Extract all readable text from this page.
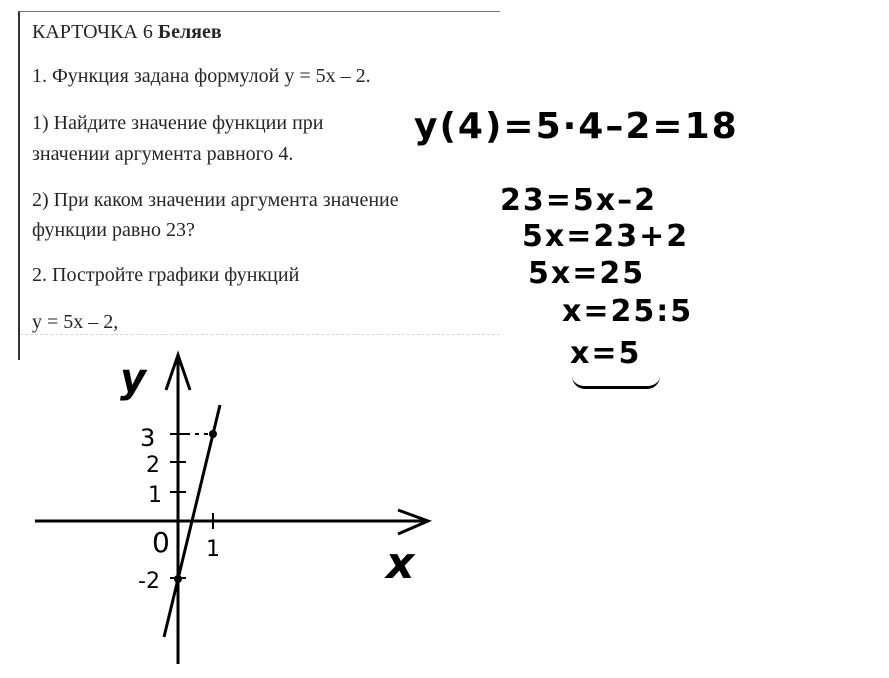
КАРТОЧКА 6 Беляев
1. Функция задана формулой y = 5x – 2.
1) Найдите значение функции при
значении аргумента равного 4.
2) При каком значении аргумента значение
функции равно 23?
2. Постройте графики функций
y = 5x – 2,
y(4)=5·4–2=18
23=5x–2
5x=23+2
5x=25
x=25:5
x=5
y
x
3
2
1
0 1
-2
